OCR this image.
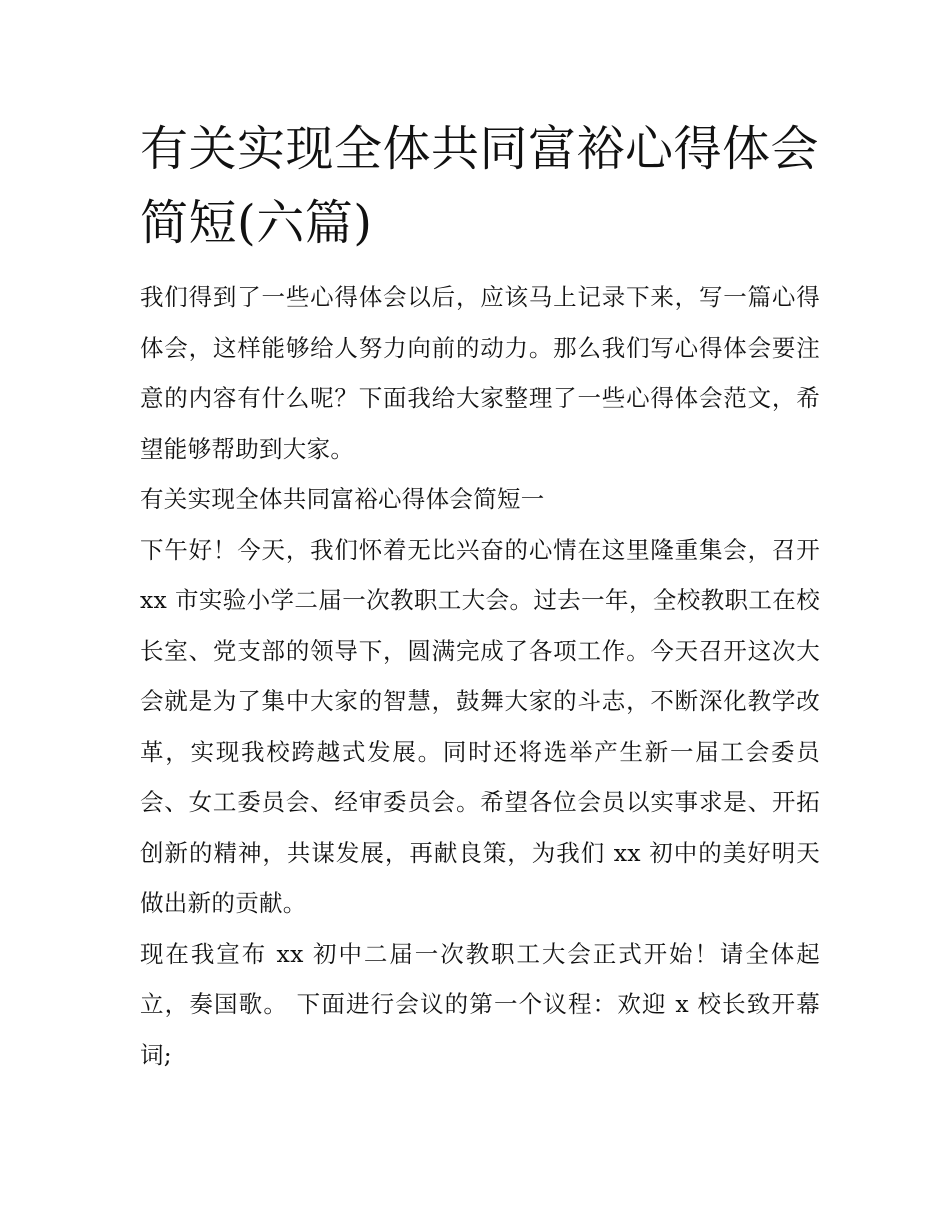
有关实现全体共同富裕心得体会简短(六篇)

我们得到了一些心得体会以后，应该马上记录下来，写一篇心得体会，这样能够给人努力向前的动力。那么我们写心得体会要注意的内容有什么呢？下面我给大家整理了一些心得体会范文，希望能够帮助到大家。

有关实现全体共同富裕心得体会简短一

下午好！今天，我们怀着无比兴奋的心情在这里隆重集会，召开 xx 市实验小学二届一次教职工大会。过去一年，全校教职工在校长室、党支部的领导下，圆满完成了各项工作。今天召开这次大会就是为了集中大家的智慧，鼓舞大家的斗志，不断深化教学改革，实现我校跨越式发展。同时还将选举产生新一届工会委员会、女工委员会、经审委员会。希望各位会员以实事求是、开拓创新的精神，共谋发展，再献良策，为我们 xx 初中的美好明天做出新的贡献。

现在我宣布 xx 初中二届一次教职工大会正式开始！请全体起立，奏国歌。 下面进行会议的第一个议程：欢迎 x 校长致开幕词;
